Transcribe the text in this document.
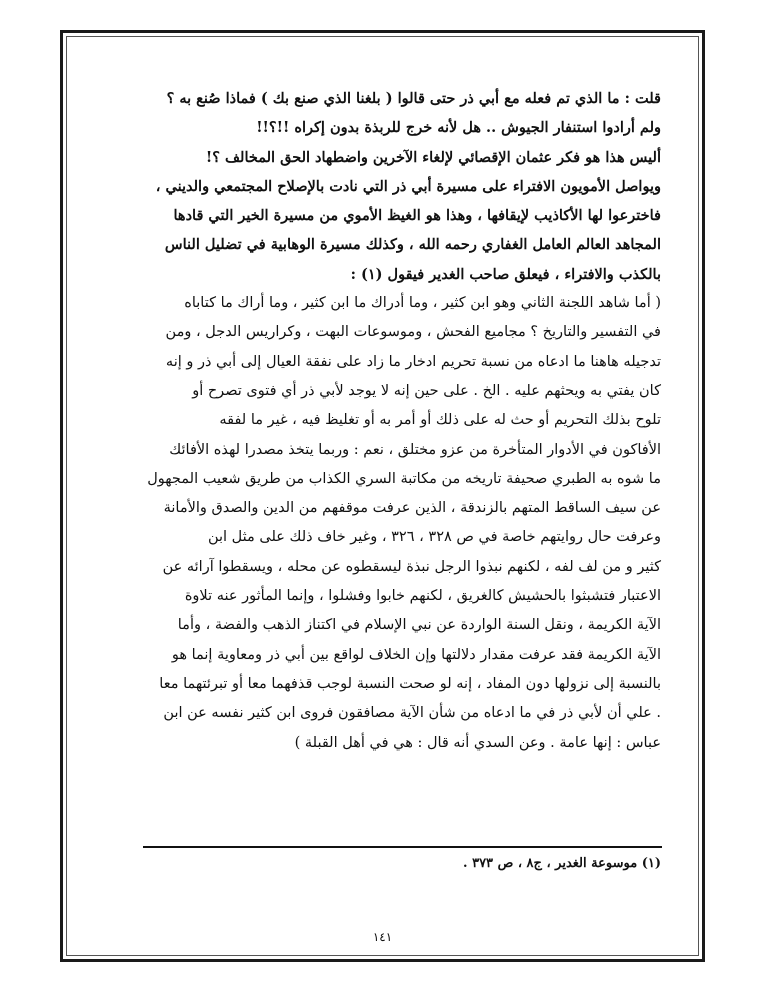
قلت : ما الذي تم فعله مع أبي ذر حتى قالوا ( بلغنا الذي صنع بك ) فماذا صُنع به ؟

ولم أرادوا استنفار الجيوش .. هل لأنه خرج للربذة بدون إكراه !!؟!!

أليس هذا هو فكر عثمان الإقصائي لإلغاء الآخرين واضطهاد الحق المخالف ؟!

ويواصل الأمويون الافتراء على مسيرة أبي ذر التي نادت بالإصلاح المجتمعي والديني ،

فاخترعوا لها الأكاذيب لإيقافها ، وهذا هو الغيظ الأموي من مسيرة الخير التي قادها

المجاهد العالم العامل الغفاري رحمه الله ، وكذلك مسيرة الوهابية في تضليل الناس

بالكذب والافتراء ، فيعلق صاحب الغدير فيقول (١) :

( أما شاهد اللجنة الثاني وهو ابن كثير ، وما أدراك ما ابن كثير ، وما أراك ما كتاباه

في التفسير والتاريخ ؟ مجاميع الفحش ، وموسوعات البهت ، وكراريس الدجل ، ومن

تدجيله هاهنا ما ادعاه من نسبة تحريم ادخار ما زاد على نفقة العيال إلى أبي ذر و إنه

كان يفتي به ويحثهم عليه . الخ . على حين إنه لا يوجد لأبي ذر أي فتوى تصرح أو

تلوح بذلك التحريم أو حث له على ذلك أو أمر به أو تغليظ فيه ، غير ما لفقه

الأفاكون في الأدوار المتأخرة من عزو مختلق ، نعم : وربما يتخذ مصدرا لهذه الأفائك

ما شوه به الطبري صحيفة تاريخه من مكاتبة السري الكذاب من طريق شعيب المجهول

عن سيف الساقط المتهم بالزندقة ، الذين عرفت موقفهم من الدين والصدق والأمانة

وعرفت حال روايتهم خاصة في ص ٣٢٨ ، ٣٢٦ ، وغير خاف ذلك على مثل ابن

كثير و من لف لفه ، لكنهم نبذوا الرجل نبذة ليسقطوه عن محله ، ويسقطوا آرائه عن

الاعتبار فتشبثوا بالحشيش كالغريق ، لكنهم خابوا وفشلوا ، وإنما المأثور عنه تلاوة

الآية الكريمة ، ونقل السنة الواردة عن نبي الإسلام في اكتناز الذهب والفضة ، وأما

الآية الكريمة فقد عرفت مقدار دلالتها وإن الخلاف لواقع بين أبي ذر ومعاوية إنما هو

بالنسبة إلى نزولها دون المفاد ، إنه لو صحت النسبة لوجب قذفهما معا أو تبرئتهما معا

. علي أن لأبي ذر في ما ادعاه من شأن الآية مصافقون فروى ابن كثير نفسه عن ابن

عباس : إنها عامة . وعن السدي أنه قال : هي في أهل القبلة )

(١) موسوعة الغدير ، ج٨ ، ص ٣٧٣ .
١٤١
